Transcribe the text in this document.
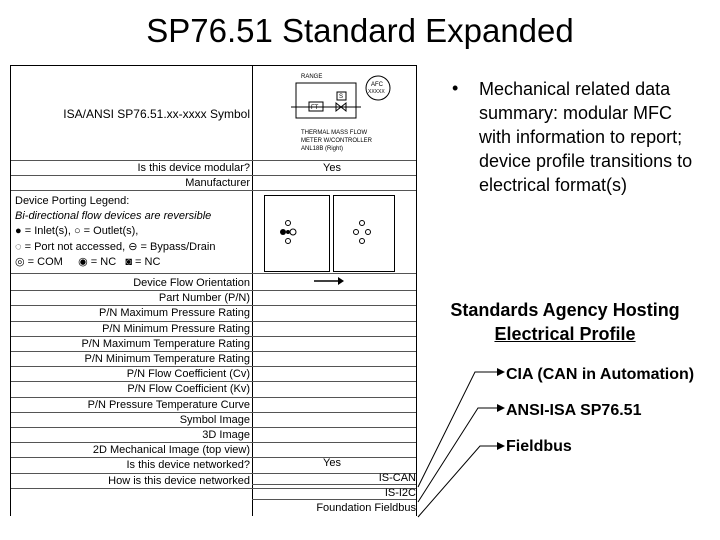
SP76.51 Standard Expanded
ISA/ANSI SP76.51.xx-xxxx Symbol
RANGE
FT
S
AFC
XXXXX
THERMAL MASS FLOW
METER W/CONTROLLER
ANL18B (Right)
Is this device modular?	Yes
Manufacturer
Device Porting Legend:
Bi-directional flow devices are reversible
● = Inlet(s), ○ = Outlet(s),
◌ = Port not accessed, ⊖ = Bypass/Drain
◎ = COM ◉ = NC ◙ = NC
Device Flow Orientation
Part Number (P/N)
P/N Maximum Pressure Rating
P/N Minimum Pressure Rating
P/N Maximum Temperature Rating
P/N Minimum Temperature Rating
P/N Flow Coefficient (Cv)
P/N Flow Coefficient (Kv)
P/N Pressure Temperature Curve
Symbol Image
3D Image
2D Mechanical Image (top view)
Is this device networked?
How is this device networked
Yes
IS-CAN
IS-I2C
Foundation Fieldbus
• Mechanical related data summary: modular MFC with information to report; device profile transitions to electrical format(s)
Standards Agency Hosting
Electrical Profile
CIA (CAN in Automation)
ANSI-ISA SP76.51
Fieldbus
